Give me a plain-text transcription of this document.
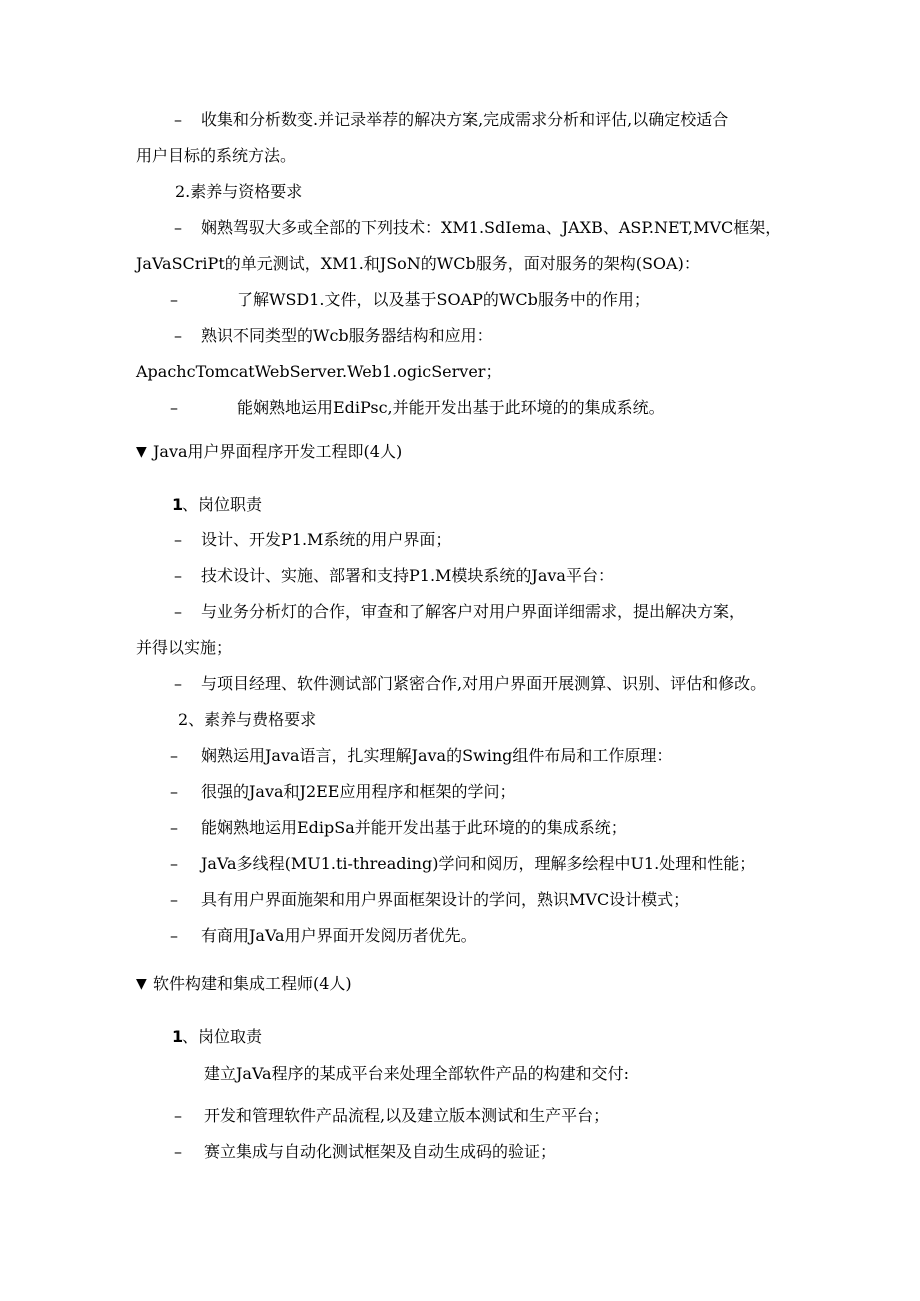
– 收集和分析数变.并记录举荐的解决方案,完成需求分析和评估,以确定校适合
用户目标的系统方法。
2.素养与资格要求
– 娴熟驾驭大多或全部的下列技术：XM1.SdIema、JAXB、ASP.NET,MVC框架，
JaVaSCriPt的单元测试，XM1.和JSoN的WCb服务，面对服务的架构(SOA)：
–	了解WSD1.文件，以及基于SOAP的WCb服务中的作用；
– 熟识不同类型的Wcb服务器结构和应用：
ApachcTomcatWebServer.Web1.ogicServer；
–	能娴熟地运用EdiPsc,并能开发出基于此环境的的集成系统。
▼ Java用户界面程序开发工程即(4人)
1
、岗位职责
– 设计、开发P1.M系统的用户界面；
– 技术设计、实施、部署和支持P1.M模块系统的Java平台：
– 与业务分析灯的合作，审查和了解客户对用户界面详细需求，提出解决方案，
并得以实施；
– 与项目经理、软件测试部门紧密合作,对用户界面开展测算、识别、评估和修改。
2、素养与费格要求
– 娴熟运用Java语言，扎实理解Java的Swing组件布局和工作原理：
– 很强的Java和J2EE应用程序和框架的学问；
– 能娴熟地运用EdipSa并能开发出基于此环境的的集成系统；
– JaVa多线程(MU1.ti-threading)学问和阅历，理解多绘程中U1.处理和性能；
– 具有用户界面施架和用户界面框架设计的学问，熟识MVC设计模式；
– 有商用JaVa用户界面开发阅历者优先。
▼ 软件构建和集成工程师(4人)
1
、岗位取责
建立JaVa程序的某成平台来处理全部软件产品的构建和交付:
– 开发和管理软件产品流程,以及建立版本测试和生产平台；
– 赛立集成与自动化测试框架及自动生成码的验证；
